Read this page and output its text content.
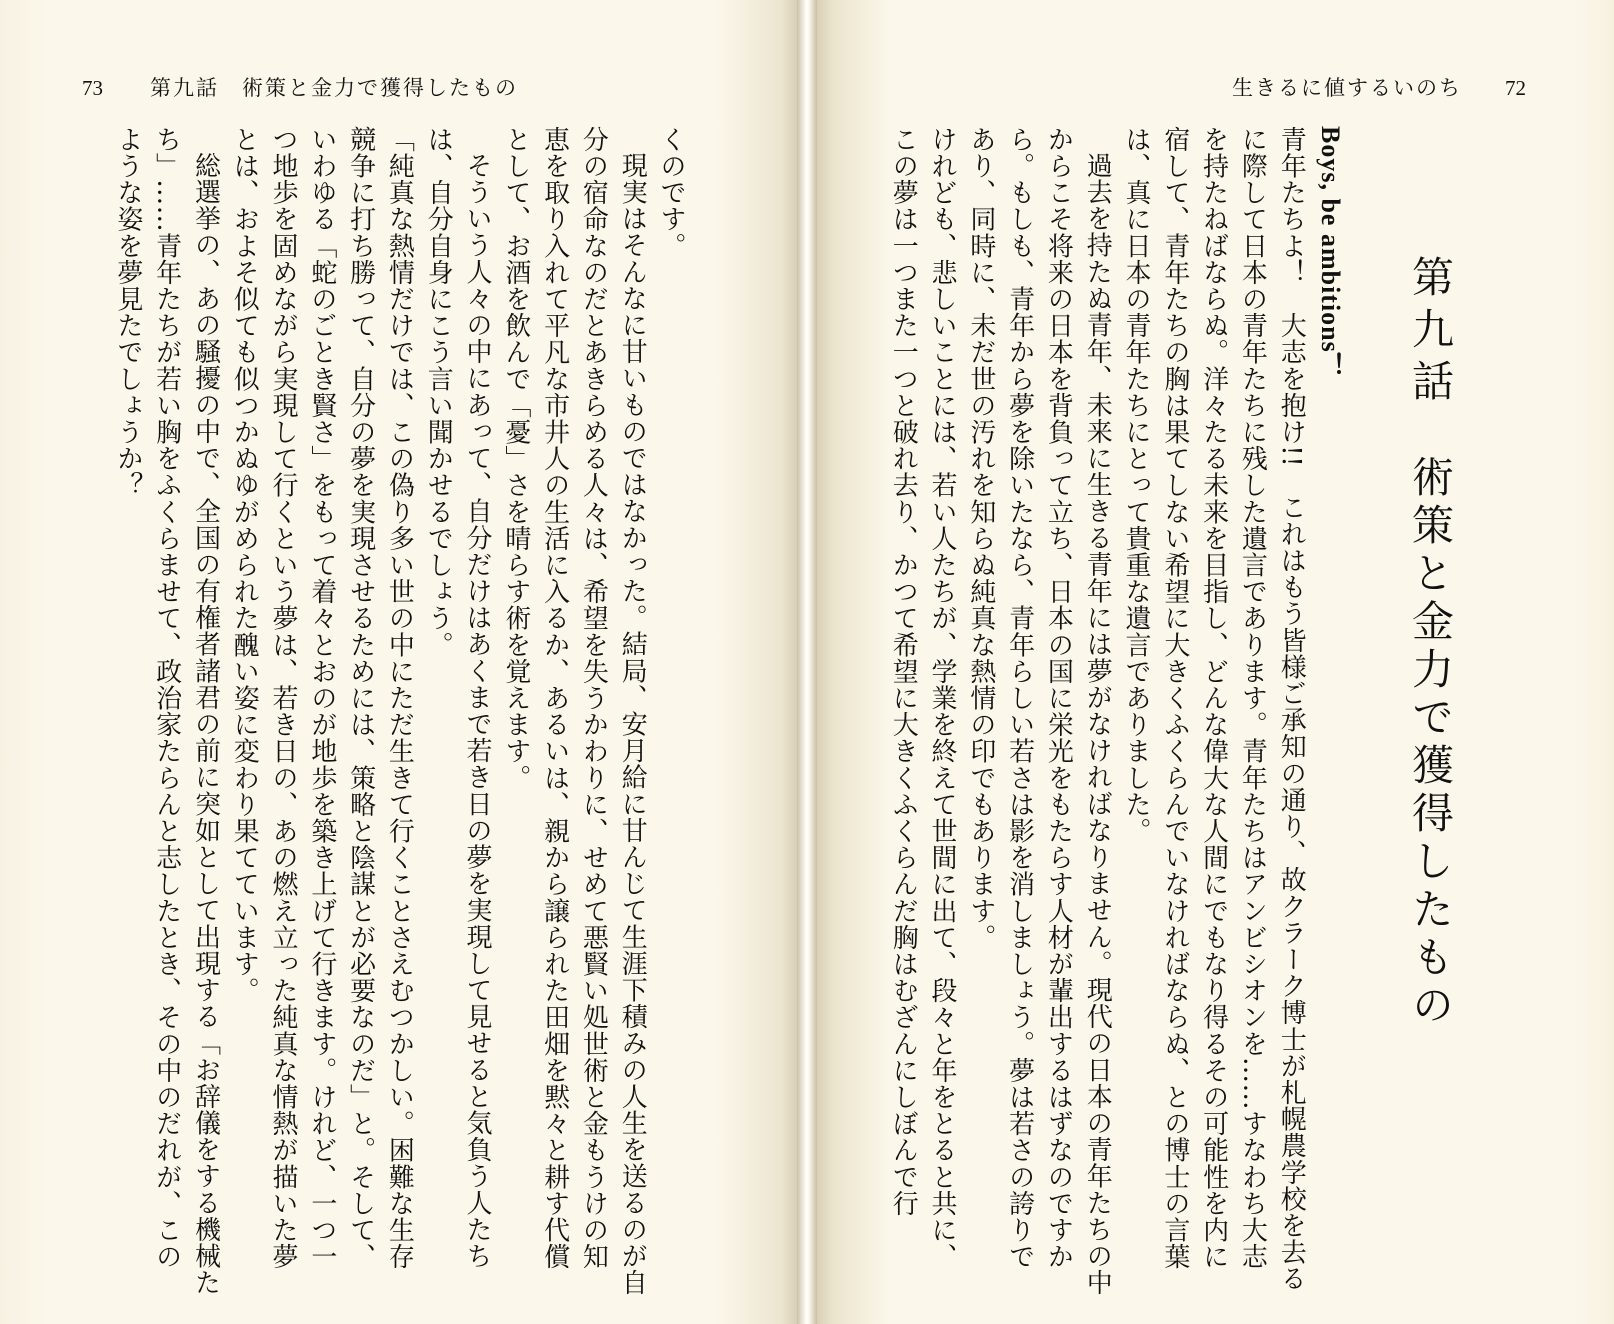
73 第九話　術策と金力で獲得したもの	生きるに値するいのち 72
第九話術策と金力で獲得したもの

Boys, be ambitions！

青年たちよ！　大志を抱け!!　これはもう皆様ご承知の通り、故クラーク博士が札幌農学校を去るに際して日本の青年たちに残した遺言であります。青年たちはアンビシオンを……すなわち大志を持たねばならぬ。洋々たる未来を目指し、どんな偉大な人間にでもなり得るその可能性を内に宿して、青年たちの胸は果てしない希望に大きくふくらんでいなければならぬ、との博士の言葉は、真に日本の青年たちにとって貴重な遺言でありました。

過去を持たぬ青年、未来に生きる青年には夢がなければなりません。現代の日本の青年たちの中からこそ将来の日本を背負って立ち、日本の国に栄光をもたらす人材が輩出するはずなのですから。もしも、青年から夢を除いたなら、青年らしい若さは影を消しましょう。夢は若さの誇りであり、同時に、未だ世の汚れを知らぬ純真な熱情の印でもあります。

けれども、悲しいことには、若い人たちが、学業を終えて世間に出て、段々と年をとると共に、この夢は一つまた一つと破れ去り、かつて希望に大きくふくらんだ胸はむざんにしぼんで行

くのです。

現実はそんなに甘いものではなかった。結局、安月給に甘んじて生涯下積みの人生を送るのが自分の宿命なのだとあきらめる人々は、希望を失うかわりに、せめて悪賢い処世術と金もうけの知恵を取り入れて平凡な市井人の生活に入るか、あるいは、親から譲られた田畑を黙々と耕す代償として、お酒を飲んで「憂」さを晴らす術を覚えます。

そういう人々の中にあって、自分だけはあくまで若き日の夢を実現して見せると気負う人たちは、自分自身にこう言い聞かせるでしょう。

「純真な熱情だけでは、この偽り多い世の中にただ生きて行くことさえむつかしい。困難な生存競争に打ち勝って、自分の夢を実現させるためには、策略と陰謀とが必要なのだ」と。そして、いわゆる「蛇のごとき賢さ」をもって着々とおのが地歩を築き上げて行きます。けれど、一つ一つ地歩を固めながら実現して行くという夢は、若き日の、あの燃え立った純真な情熱が描いた夢とは、およそ似ても似つかぬゆがめられた醜い姿に変わり果てています。

総選挙の、あの騒擾の中で、全国の有権者諸君の前に突如として出現する「お辞儀をする機械たち」……青年たちが若い胸をふくらませて、政治家たらんと志したとき、その中のだれが、このような姿を夢見たでしょうか？
